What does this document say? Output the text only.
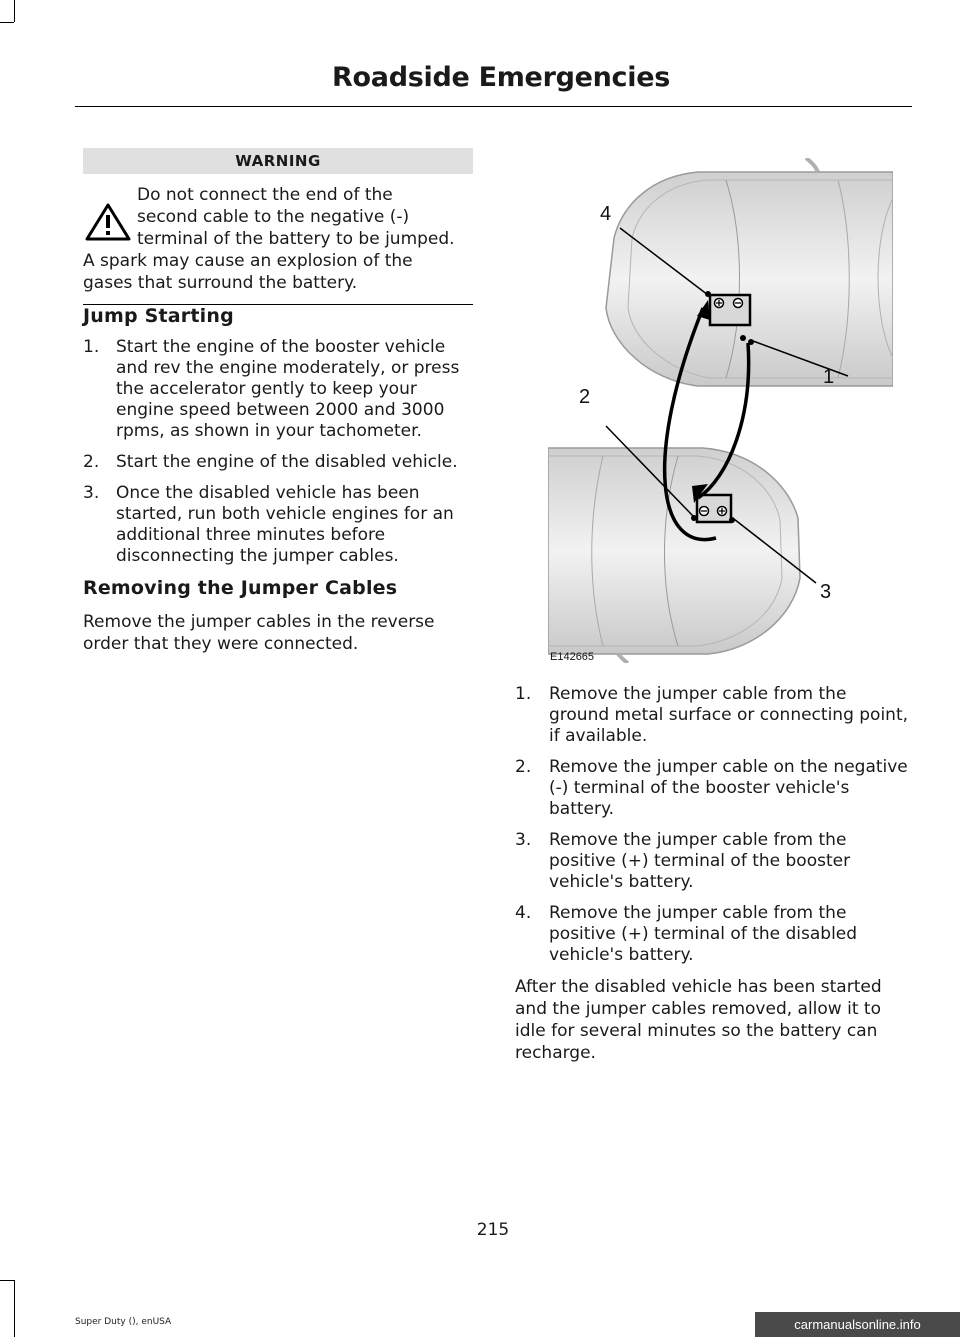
Roadside Emergencies
WARNING
Do not connect the end of the
second cable to the negative (-)
terminal of the battery to be jumped.
A spark may cause an explosion of the
gases that surround the battery.
Jump Starting
1. Start the engine of the booster vehicle and rev the engine moderately, or press the accelerator gently to keep your engine speed between 2000 and 3000 rpms, as shown in your tachometer.
2. Start the engine of the disabled vehicle.
3. Once the disabled vehicle has been started, run both vehicle engines for an additional three minutes before disconnecting the jumper cables.
Removing the Jumper Cables

Remove the jumper cables in the reverse order that they were connected.

4
1
2
3
E142665
1. Remove the jumper cable from the ground metal surface or connecting point, if available.
2. Remove the jumper cable on the negative (-) terminal of the booster vehicle's battery.
3. Remove the jumper cable from the positive (+) terminal of the booster vehicle's battery.
4. Remove the jumper cable from the positive (+) terminal of the disabled vehicle's battery.

After the disabled vehicle has been started and the jumper cables removed, allow it to idle for several minutes so the battery can recharge.

215
Super Duty (), enUSA	carmanualsonline.info
